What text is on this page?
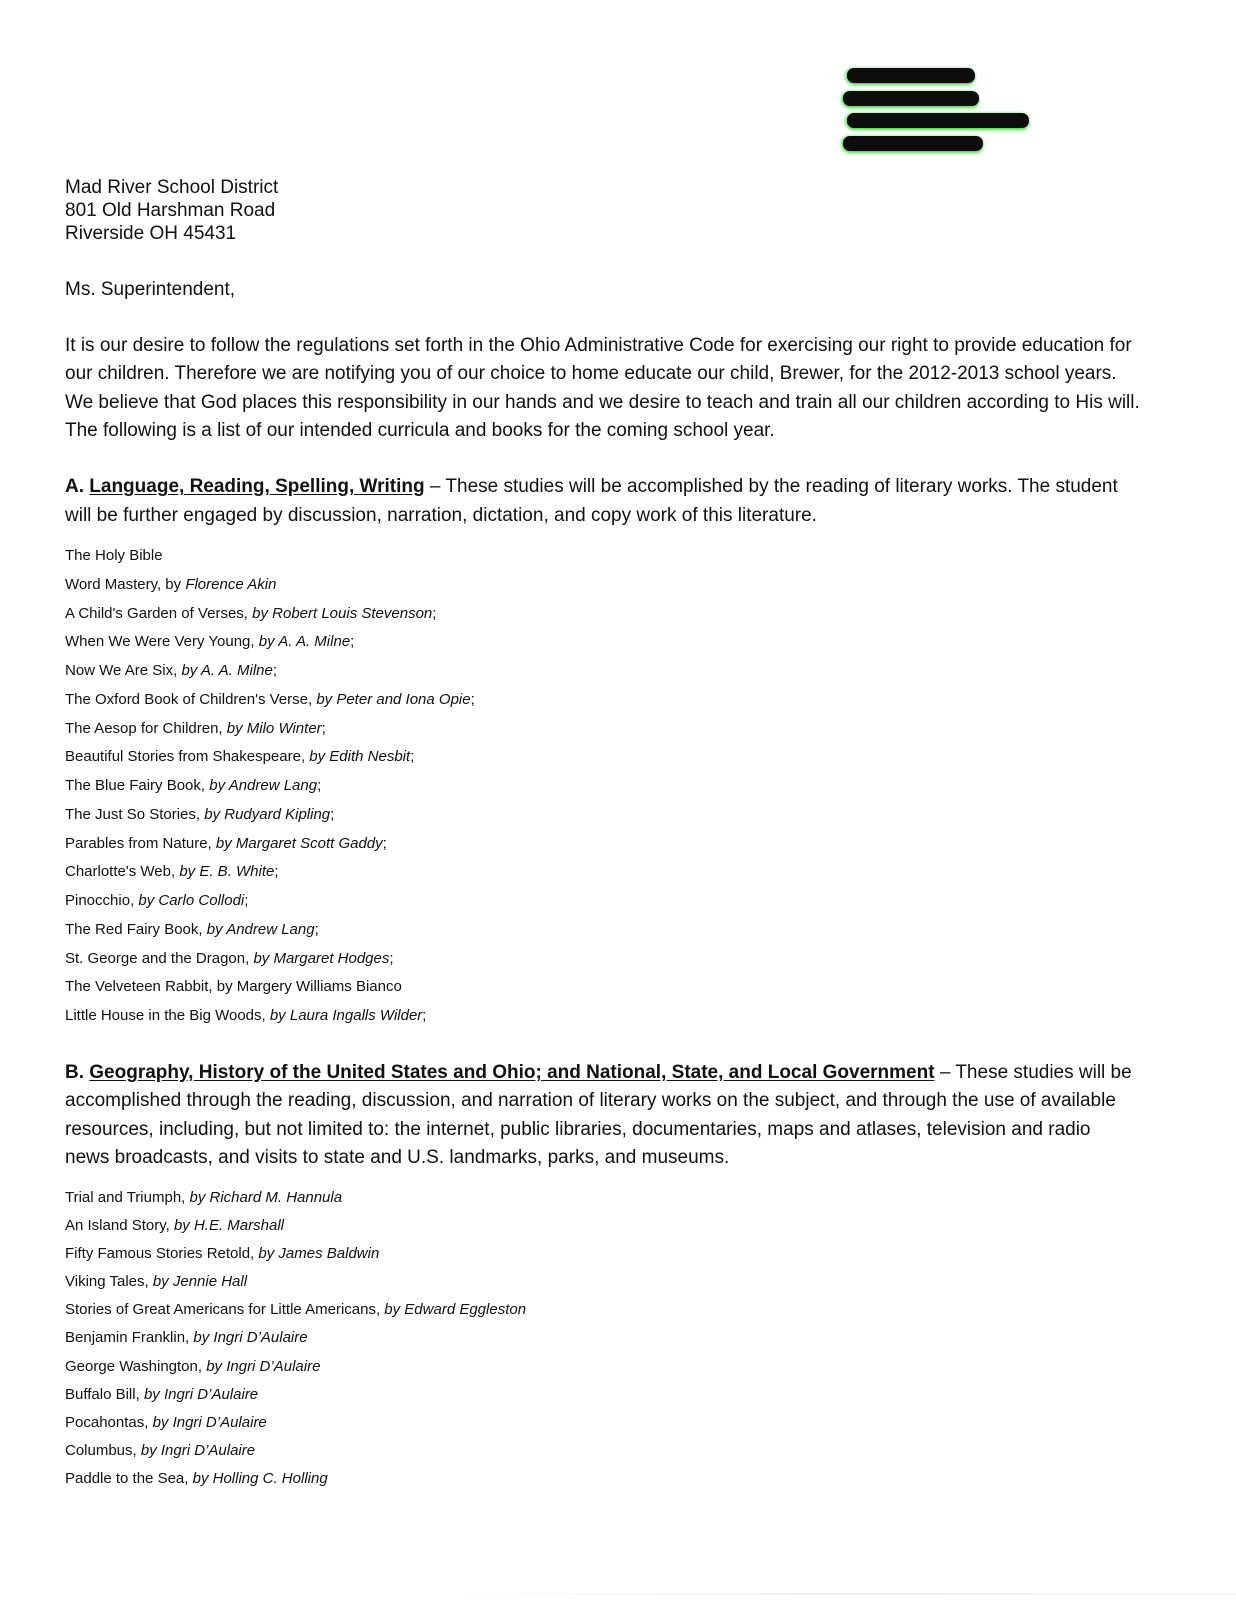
Mad River School District
801 Old Harshman Road
Riverside OH 45431
Ms. Superintendent,

It is our desire to follow the regulations set forth in the Ohio Administrative Code for exercising our right to provide education for our children. Therefore we are notifying you of our choice to home educate our child, Brewer, for the 2012-2013 school years. We believe that God places this responsibility in our hands and we desire to teach and train all our children according to His will. The following is a list of our intended curricula and books for the coming school year.

A. Language, Reading, Spelling, Writing – These studies will be accomplished by the reading of literary works. The student will be further engaged by discussion, narration, dictation, and copy work of this literature.

The Holy Bible
Word Mastery, by Florence Akin
A Child's Garden of Verses, by Robert Louis Stevenson;
When We Were Very Young, by A. A. Milne;
Now We Are Six, by A. A. Milne;
The Oxford Book of Children's Verse, by Peter and Iona Opie;
The Aesop for Children, by Milo Winter;
Beautiful Stories from Shakespeare, by Edith Nesbit;
The Blue Fairy Book, by Andrew Lang;
The Just So Stories, by Rudyard Kipling;
Parables from Nature, by Margaret Scott Gaddy;
Charlotte's Web, by E. B. White;
Pinocchio, by Carlo Collodi;
The Red Fairy Book, by Andrew Lang;
St. George and the Dragon, by Margaret Hodges;
The Velveteen Rabbit, by Margery Williams Bianco
Little House in the Big Woods, by Laura Ingalls Wilder;

B. Geography, History of the United States and Ohio; and National, State, and Local Government – These studies will be accomplished through the reading, discussion, and narration of literary works on the subject, and through the use of available resources, including, but not limited to: the internet, public libraries, documentaries, maps and atlases, television and radio news broadcasts, and visits to state and U.S. landmarks, parks, and museums.

Trial and Triumph, by Richard M. Hannula
An Island Story, by H.E. Marshall
Fifty Famous Stories Retold, by James Baldwin
Viking Tales, by Jennie Hall
Stories of Great Americans for Little Americans, by Edward Eggleston
Benjamin Franklin, by Ingri D’Aulaire
George Washington, by Ingri D’Aulaire
Buffalo Bill, by Ingri D’Aulaire
Pocahontas, by Ingri D’Aulaire
Columbus, by Ingri D’Aulaire
Paddle to the Sea, by Holling C. Holling
